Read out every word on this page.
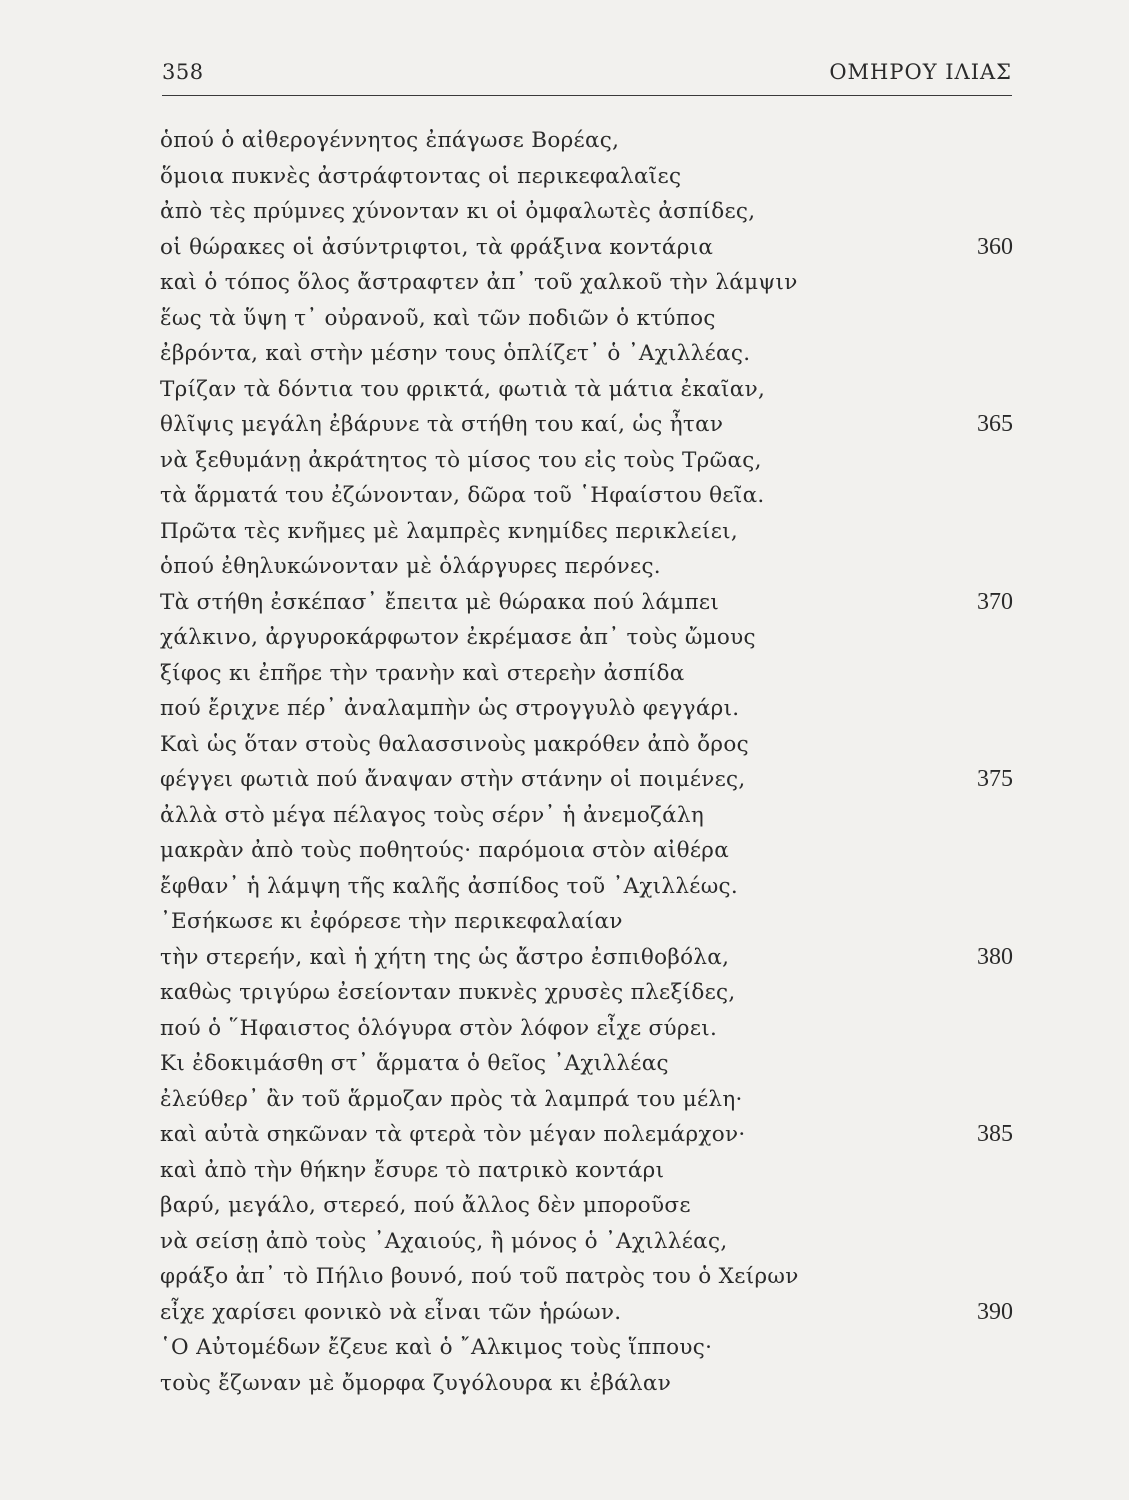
358	ΟΜΗΡΟΥ ΙΛΙΑΣ
ὁπού ὁ αἰθερογέννητος ἐπάγωσε Βορέας,
ὅμοια πυκνὲς ἀστράφτοντας οἱ περικεφαλαῖες
ἀπὸ τὲς πρύμνες χύνονταν κι οἱ ὀμφαλωτὲς ἀσπίδες,
οἱ θώρακες οἱ ἀσύντριφτοι, τὰ φράξινα κοντάρια	360
καὶ ὁ τόπος ὅλος ἄστραφτεν ἀπ᾽ τοῦ χαλκοῦ τὴν λάμψιν
ἕως τὰ ὕψη τ᾽ οὐρανοῦ, καὶ τῶν ποδιῶν ὁ κτύπος
ἐβρόντα, καὶ στὴν μέσην τους ὁπλίζετ᾽ ὁ ᾽Αχιλλέας.
Τρίζαν τὰ δόντια του φρικτά, φωτιὰ τὰ μάτια ἐκαῖαν,
θλῖψις μεγάλη ἐβάρυνε τὰ στήθη του καί, ὡς ἦταν	365
νὰ ξεθυμάνῃ ἀκράτητος τὸ μίσος του εἰς τοὺς Τρῶας,
τὰ ἅρματά του ἐζώνονταν, δῶρα τοῦ ῾Ηφαίστου θεῖα.
Πρῶτα τὲς κνῆμες μὲ λαμπρὲς κνημίδες περικλείει,
ὁπού ἐθηλυκώνονταν μὲ ὁλάργυρες περόνες.
Τὰ στήθη ἐσκέπασ᾽ ἔπειτα μὲ θώρακα πού λάμπει	370
χάλκινο, ἀργυροκάρφωτον ἐκρέμασε ἀπ᾽ τοὺς ὤμους
ξίφος κι ἐπῆρε τὴν τρανὴν καὶ στερεὴν ἀσπίδα
πού ἔριχνε πέρ᾽ ἀναλαμπὴν ὡς στρογγυλὸ φεγγάρι.
Καὶ ὡς ὅταν στοὺς θαλασσινοὺς μακρόθεν ἀπὸ ὄρος
φέγγει φωτιὰ πού ἄναψαν στὴν στάνην οἱ ποιμένες,	375
ἀλλὰ στὸ μέγα πέλαγος τοὺς σέρν᾽ ἡ ἀνεμοζάλη
μακρὰν ἀπὸ τοὺς ποθητούς· παρόμοια στὸν αἰθέρα
ἔφθαν᾽ ἡ λάμψη τῆς καλῆς ἀσπίδος τοῦ ᾽Αχιλλέως.
᾽Εσήκωσε κι ἐφόρεσε τὴν περικεφαλαίαν
τὴν στερεήν, καὶ ἡ χήτη της ὡς ἄστρο ἐσπιθοβόλα,	380
καθὼς τριγύρω ἐσείονταν πυκνὲς χρυσὲς πλεξίδες,
πού ὁ ῞Ηφαιστος ὁλόγυρα στὸν λόφον εἶχε σύρει.
Κι ἐδοκιμάσθη στ᾽ ἅρματα ὁ θεῖος ᾽Αχιλλέας
ἐλεύθερ᾽ ἂν τοῦ ἅρμοζαν πρὸς τὰ λαμπρά του μέλη·
καὶ αὐτὰ σηκῶναν τὰ φτερὰ τὸν μέγαν πολεμάρχον·	385
καὶ ἀπὸ τὴν θήκην ἔσυρε τὸ πατρικὸ κοντάρι
βαρύ, μεγάλο, στερεό, πού ἄλλος δὲν μποροῦσε
νὰ σείσῃ ἀπὸ τοὺς ᾽Αχαιούς, ἢ μόνος ὁ ᾽Αχιλλέας,
φράξο ἀπ᾽ τὸ Πήλιο βουνό, πού τοῦ πατρὸς του ὁ Χείρων
εἶχε χαρίσει φονικὸ νὰ εἶναι τῶν ἡρώων.	390
῾Ο Αὐτομέδων ἔζευε καὶ ὁ ῎Αλκιμος τοὺς ἵππους·
τοὺς ἔζωναν μὲ ὄμορφα ζυγόλουρα κι ἐβάλαν
